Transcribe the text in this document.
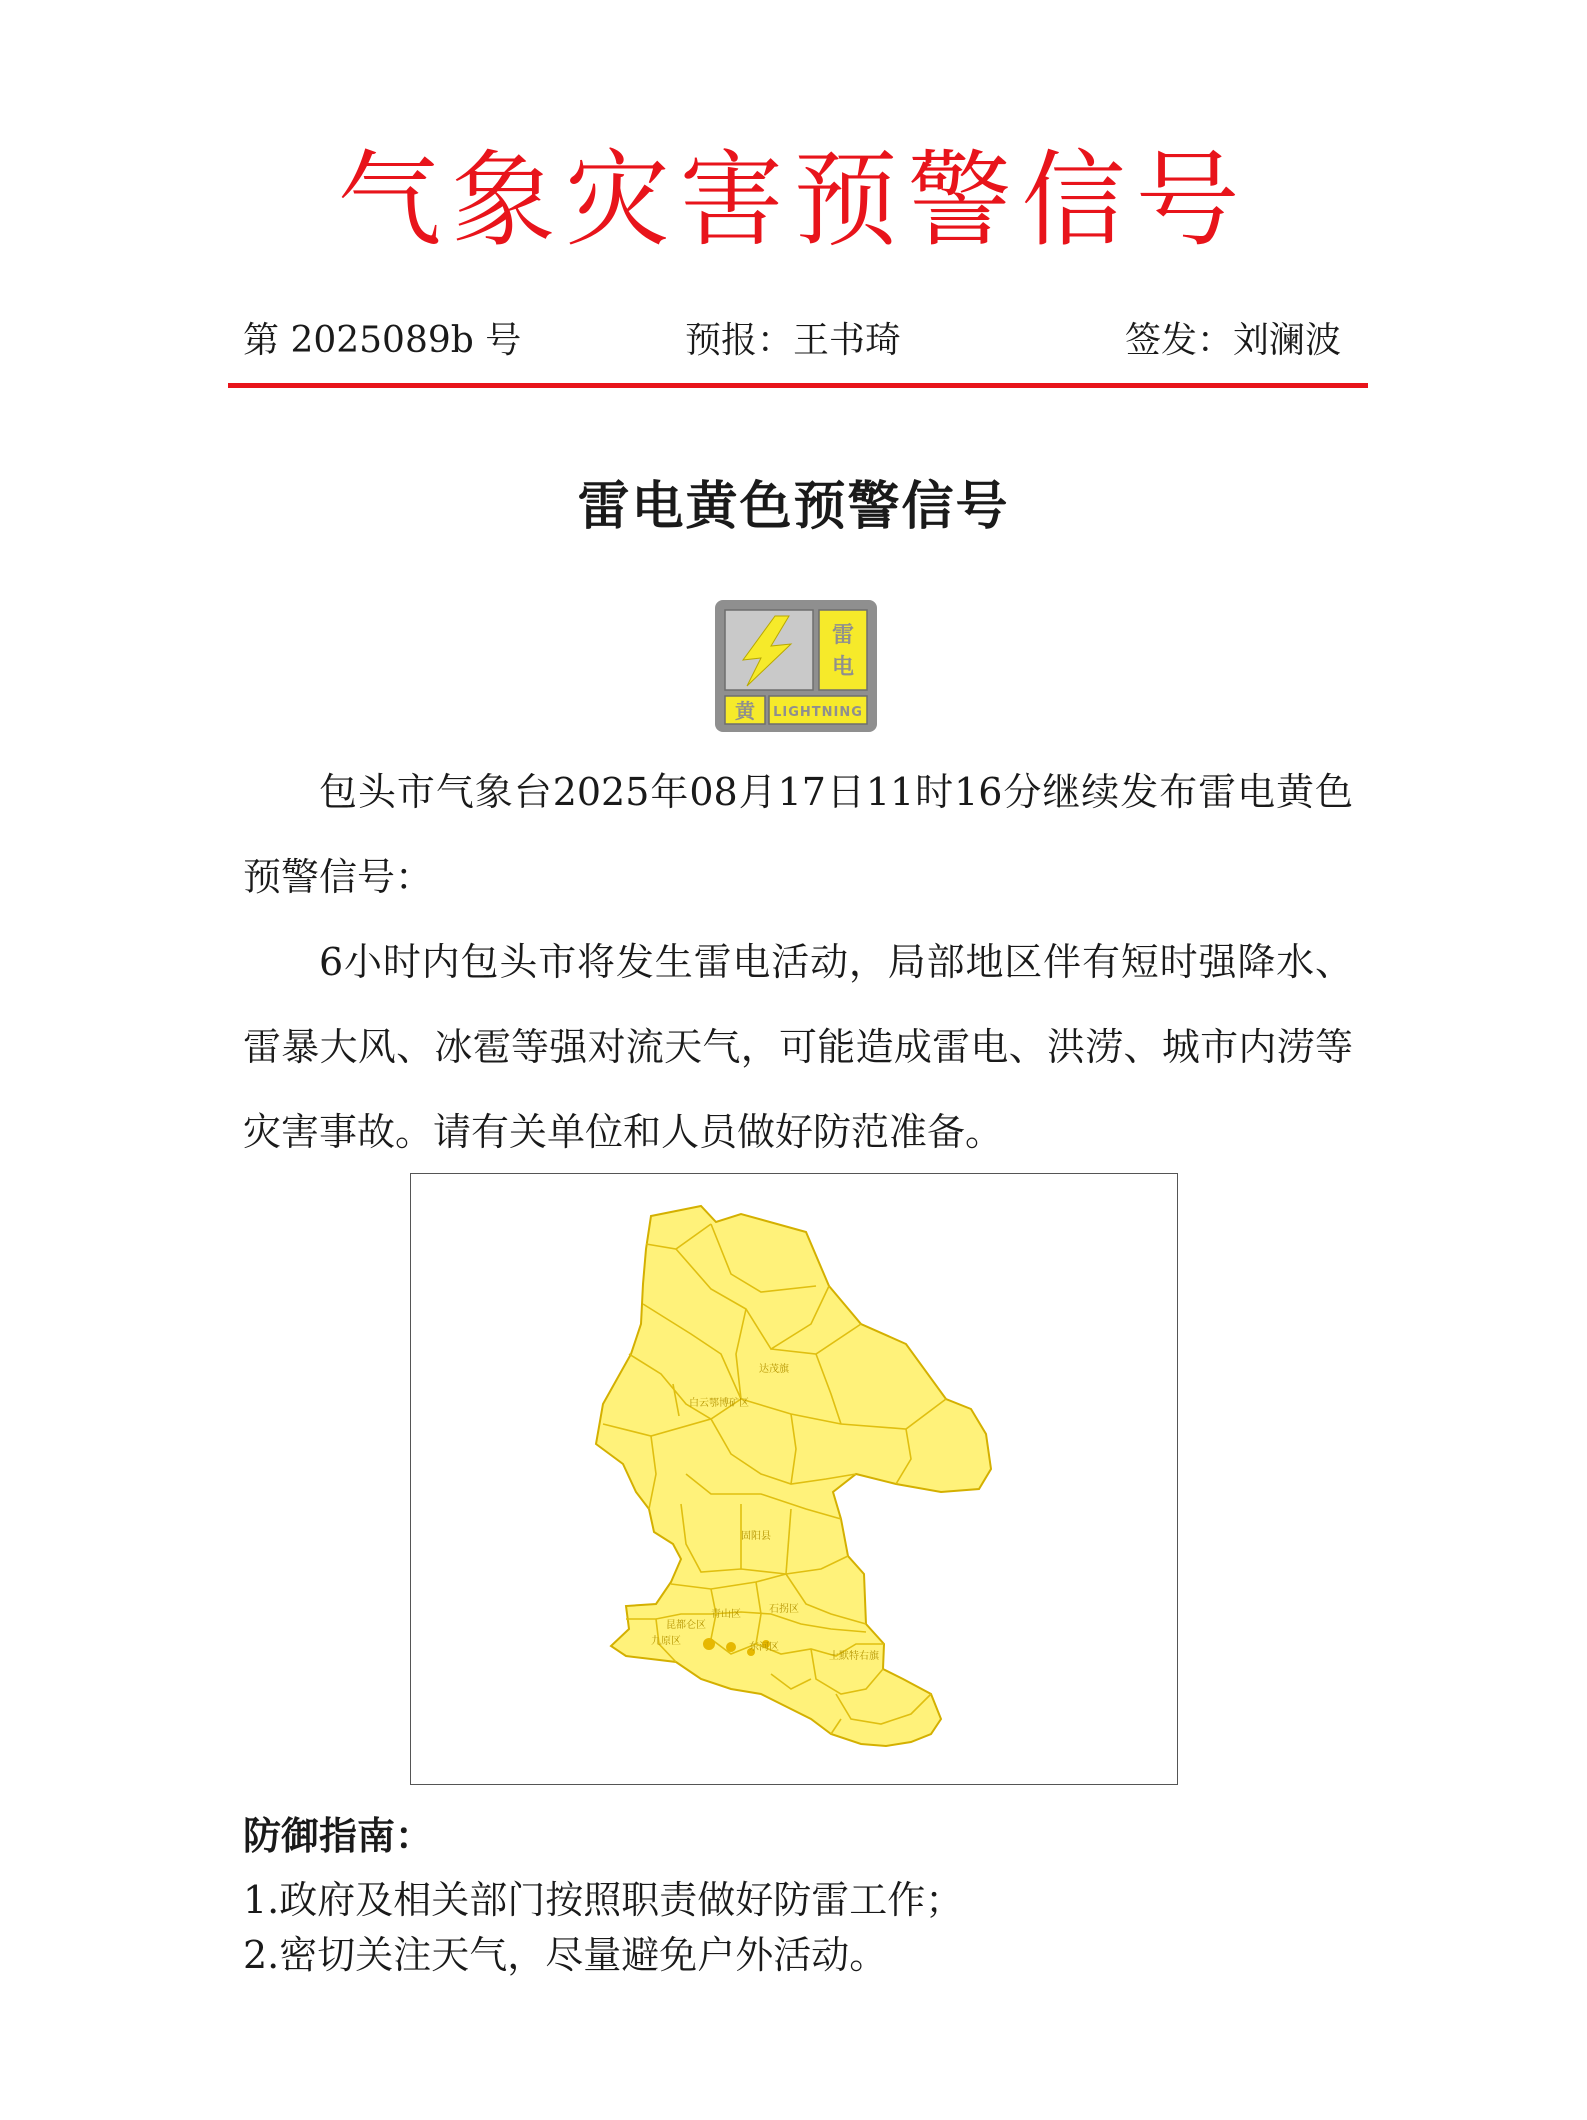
气象灾害预警信号
第 2025089b 号	预报：王书琦	签发：刘澜波
雷电黄色预警信号
雷
电
黄 LIGHTNING
包头市气象台2025年08月17日11时16分继续发布雷电黄色预警信号：
6小时内包头市将发生雷电活动，局部地区伴有短时强降水、雷暴大风、冰雹等强对流天气，可能造成雷电、洪涝、城市内涝等灾害事故。请有关单位和人员做好防范准备。
达茂旗
白云鄂博矿区
固阳县
石拐区
昆都仑区
青山区
九原区
东河区
土默特右旗
防御指南：
1.政府及相关部门按照职责做好防雷工作；
2.密切关注天气，尽量避免户外活动。
